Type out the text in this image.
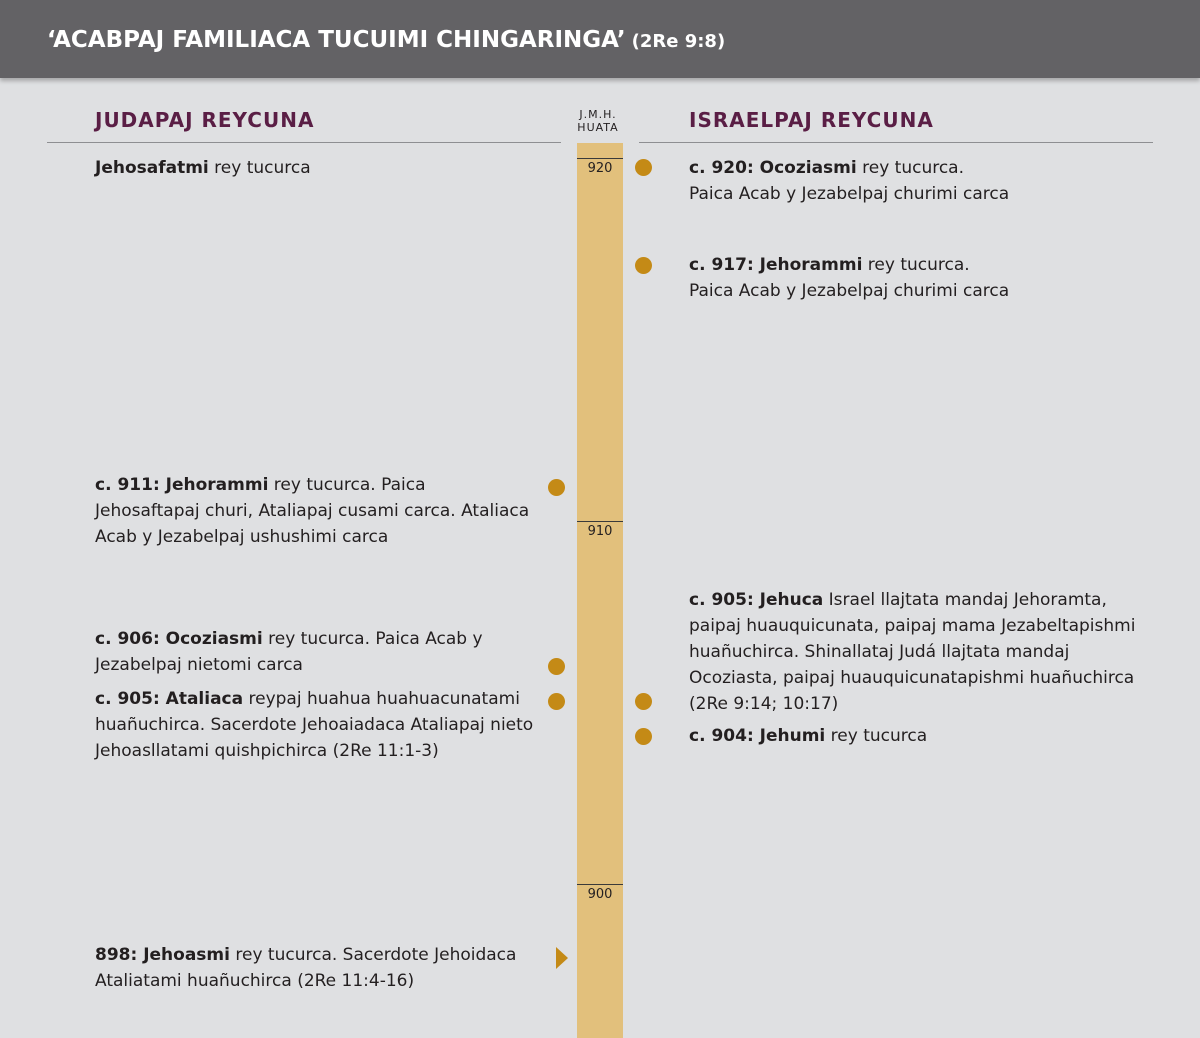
‘ACABPAJ FAMILIACA TUCUIMI CHINGARINGA’ (2Re 9:8)
JUDAPAJ REYCUNA	ISRAELPAJ REYCUNA
J.M.H.
HUATA
920
910
900
Jehosafatmi rey tucurca
c. 911: Jehorammi rey tucurca. Paica Jehosaftapaj churi, Ataliapaj cusami carca. Ataliaca Acab y Jezabelpaj ushushimi carca
c. 906: Ocoziasmi rey tucurca. Paica Acab y Jezabelpaj nietomi carca
c. 905: Ataliaca reypaj huahua huahuacunatami huañuchirca. Sacerdote Jehoaiadaca Ataliapaj nieto Jehoasllatami quishpichirca (2Re 11:1-3)
898: Jehoasmi rey tucurca. Sacerdote Jehoidaca Ataliatami huañuchirca (2Re 11:4-16)
c. 920: Ocoziasmi rey tucurca.
Paica Acab y Jezabelpaj churimi carca
c. 917: Jehorammi rey tucurca.
Paica Acab y Jezabelpaj churimi carca
c. 905: Jehuca Israel llajtata mandaj Jehoramta, paipaj huauquicunata, paipaj mama Jezabeltapishmi huañuchirca. Shinallataj Judá llajtata mandaj Ocoziasta, paipaj huauquicunatapishmi huañuchirca (2Re 9:14; 10:17)
c. 904: Jehumi rey tucurca
